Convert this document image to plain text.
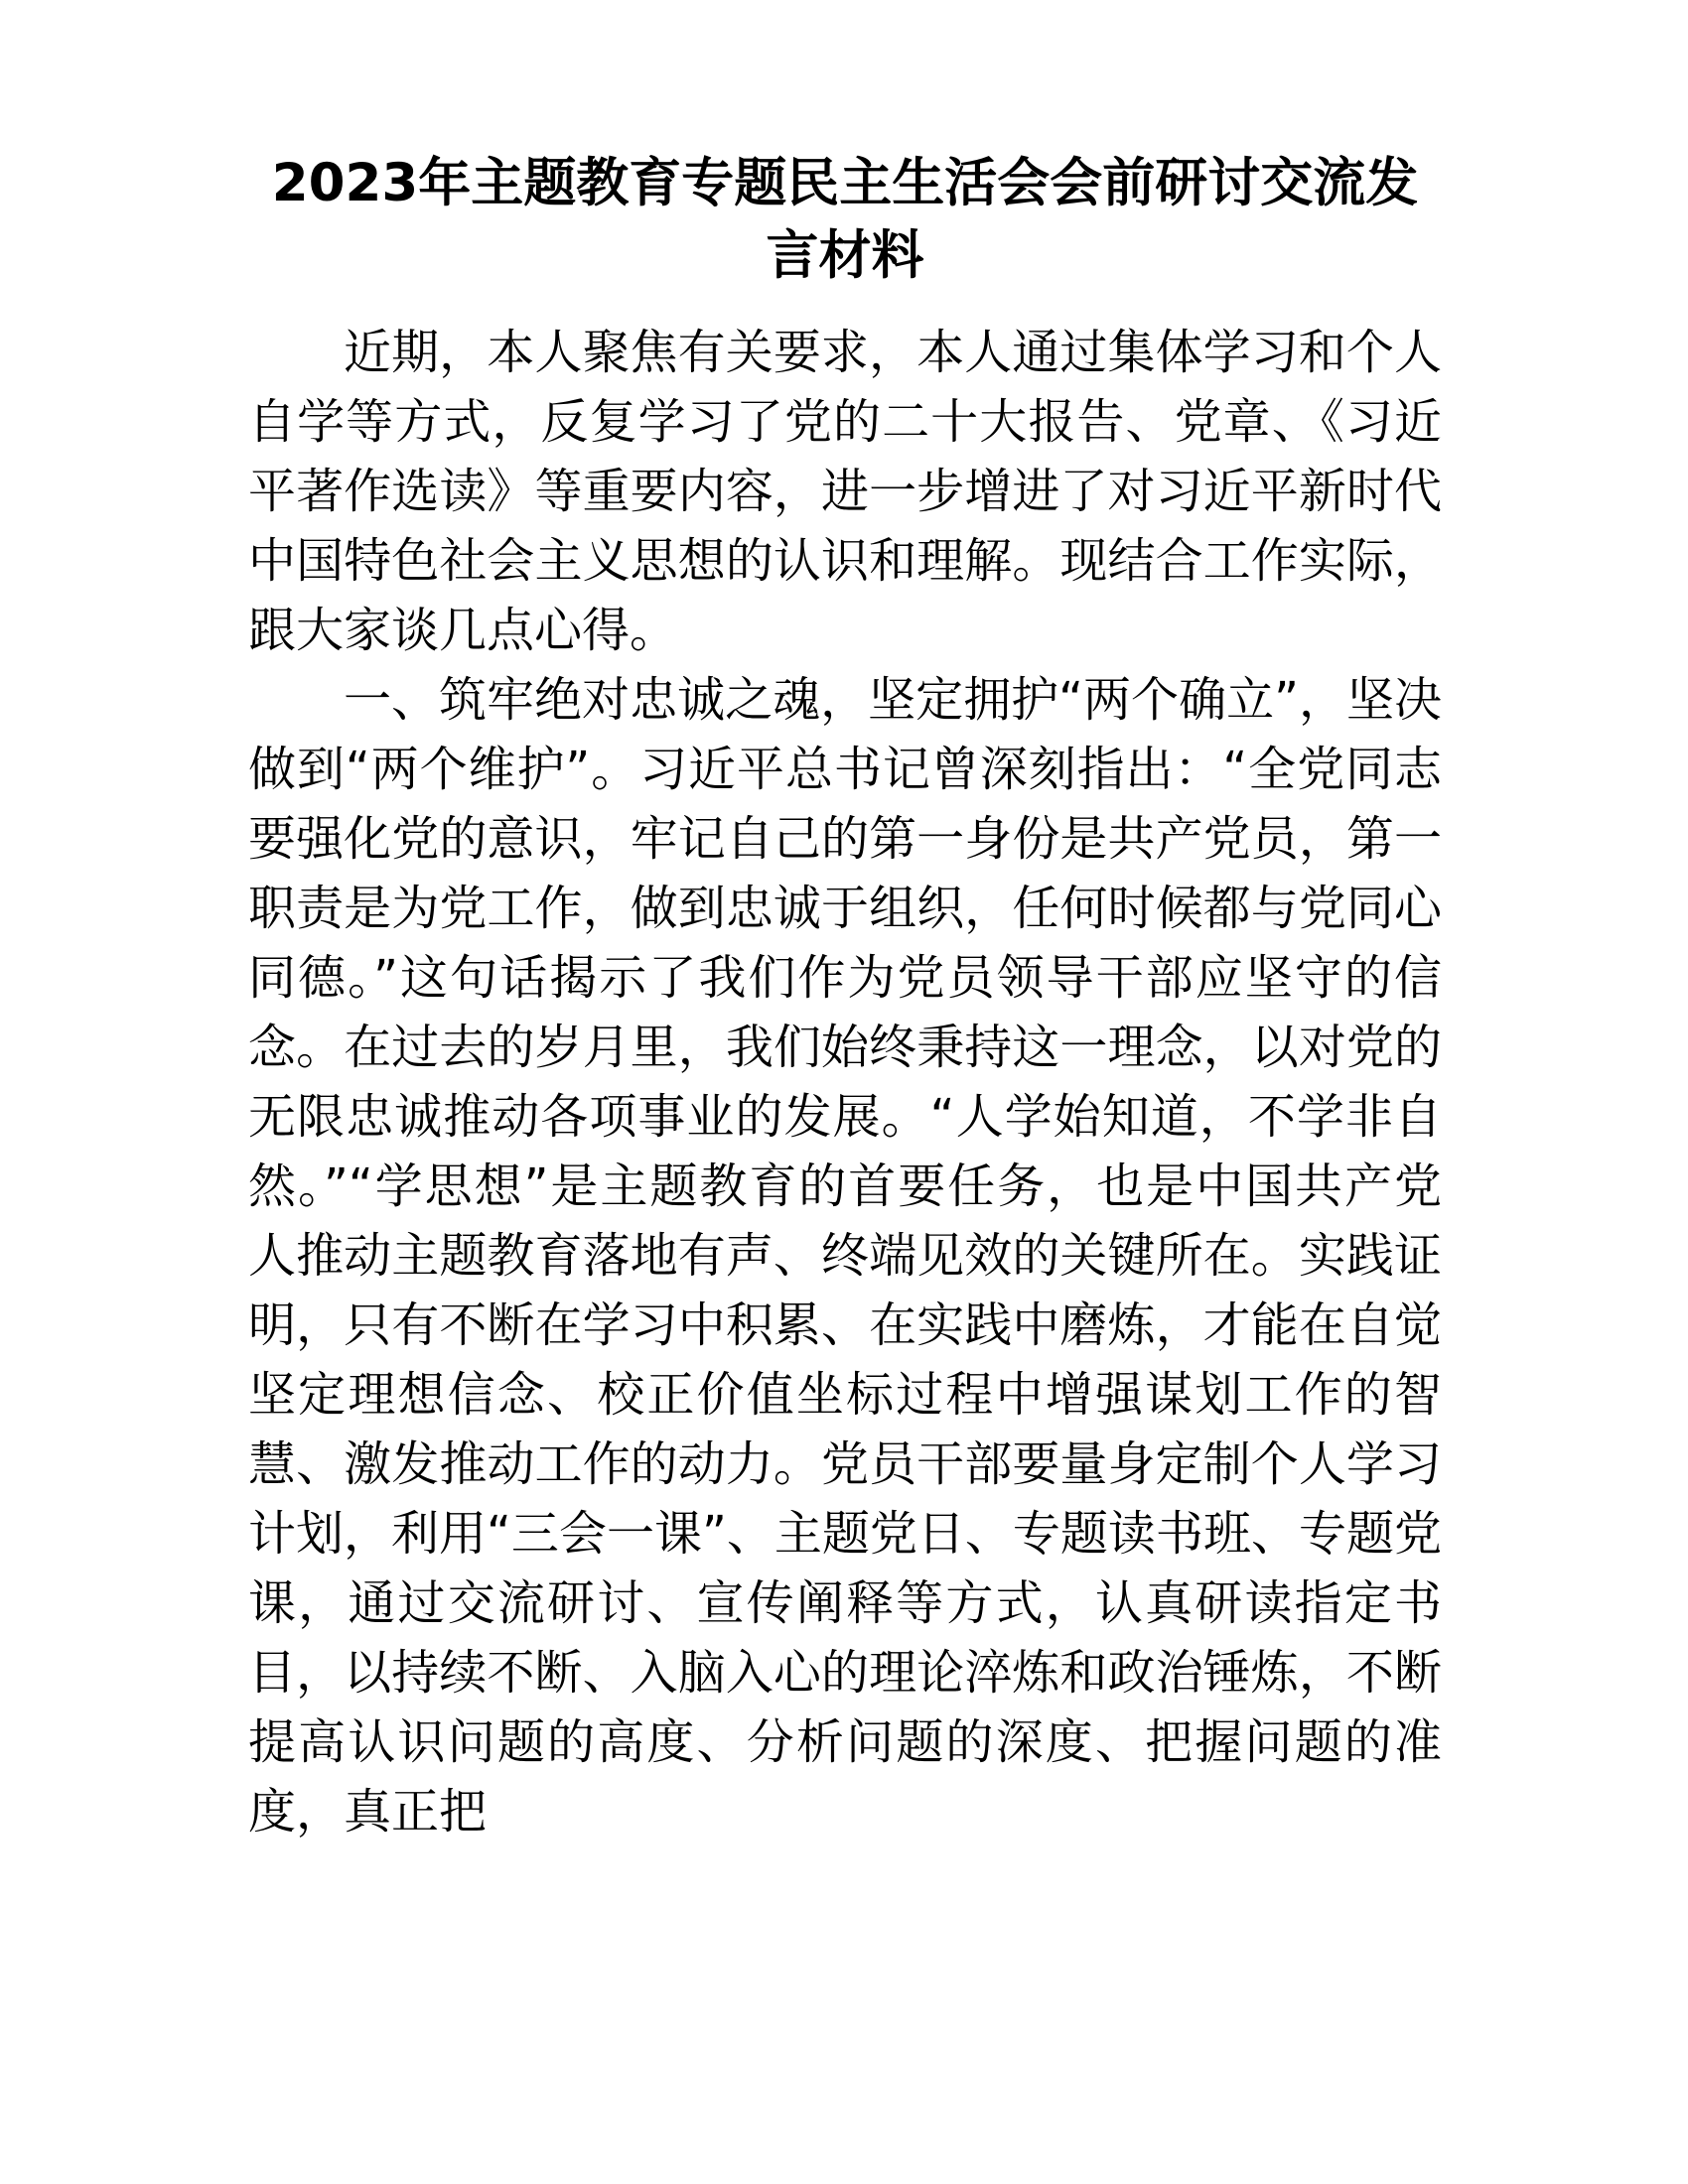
2023年主题教育专题民主生活会会前研讨交流发言材料

近期，本人聚焦有关要求，本人通过集体学习和个人自学等方式，反复学习了党的二十大报告、党章、《习近平著作选读》等重要内容，进一步增进了对习近平新时代中国特色社会主义思想的认识和理解。现结合工作实际，跟大家谈几点心得。

一、筑牢绝对忠诚之魂，坚定拥护“两个确立”，坚决做到“两个维护”。习近平总书记曾深刻指出：“全党同志要强化党的意识，牢记自己的第一身份是共产党员，第一职责是为党工作，做到忠诚于组织，任何时候都与党同心同德。”这句话揭示了我们作为党员领导干部应坚守的信念。在过去的岁月里，我们始终秉持这一理念，以对党的无限忠诚推动各项事业的发展。“人学始知道，不学非自然。”“学思想”是主题教育的首要任务，也是中国共产党人推动主题教育落地有声、终端见效的关键所在。实践证明，只有不断在学习中积累、在实践中磨炼，才能在自觉坚定理想信念、校正价值坐标过程中增强谋划工作的智慧、激发推动工作的动力。党员干部要量身定制个人学习计划，利用“三会一课”、主题党日、专题读书班、专题党课，通过交流研讨、宣传阐释等方式，认真研读指定书目，以持续不断、入脑入心的理论淬炼和政治锤炼，不断提高认识问题的高度、分析问题的深度、把握问题的准度，真正把
